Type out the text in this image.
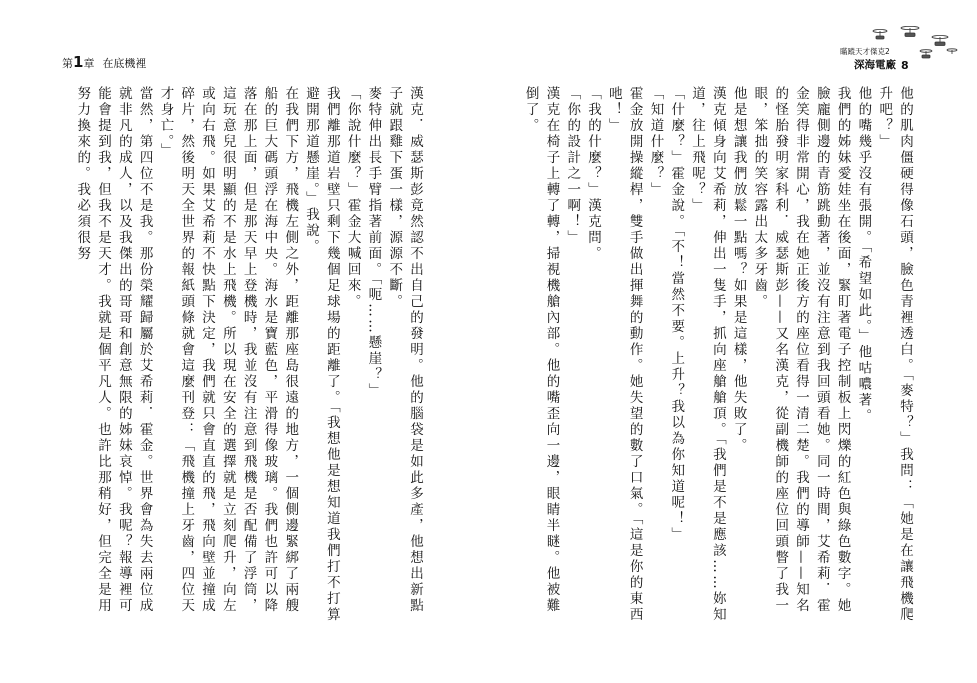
第1章 在底機裡
瞞蹤天才傑克2
深海電廠 8

他的肌肉僵硬得像石頭，臉色青裡透白。「麥特？」我問：「她是在讓飛機爬升吧？」

他的嘴幾乎沒有張開。「希望如此。」他咕噥著。

我們的姊妹愛娃坐在後面，緊盯著電子控制板上閃爍的紅色與綠色數字。她臉龐側邊的青筋跳動著，並沒有注意到我回頭看她。同一時間，艾希莉．霍金笑得非常開心，我在她正後方的座位看得一清二楚。我們的導師——知名的怪胎發明家科利．威瑟斯彭——又名漢克，從副機師的座位回頭瞥了我一眼，笨拙的笑容露出太多牙齒。

他是想讓我們放鬆一點嗎？如果是這樣，他失敗了。

漢克傾身向艾希莉，伸出一隻手，抓向座艙艙頂。「我們是不是應該……妳知道，往上飛呢？」

「什麼？」霍金說。「不！當然不要。上升？我以為你知道呢！」

「知道什麼？」

霍金放開操縱桿，雙手做出揮舞的動作。她失望的數了口氣。「這是你的東西吔！」

「我的什麼？」漢克問。

「你的設計之一啊！」

漢克在椅子上轉了轉，掃視機艙內部。他的嘴歪向一邊，眼睛半瞇。他被難倒了。

漢克．威瑟斯彭竟然認不出自己的發明。他的腦袋是如此多產，他想出新點子就跟雞下蛋一樣，源源不斷。

麥特伸出長手臂指著前面。「呃……懸崖？」

「你說什麼？」霍金大喊回來。

我們離那道岩壁只剩下幾個足球場的距離了。「我想他是想知道我們打不打算避開那道懸崖。」我說。

在我們下方，飛機左側之外，距離那座島很遠的地方，一個側邊緊綁了兩艘船的巨大碼頭浮在海中央。海水是寶藍色，平滑得像玻璃。我們也許可以降落在那上面，但是那天早上登機時，我並沒有注意到飛機是否配備了浮筒，這玩意兒很明顯的不是水上飛機。所以現在安全的選擇就是立刻爬升，向左或向右飛。如果艾希莉不快點下決定，我們就只會直直的飛，飛向壁並撞成碎片，然後明天全世界的報紙頭條就會這麼刊登：「飛機撞上牙齒，四位天才身亡。」

當然，第四位不是我。那份榮耀歸屬於艾希莉．霍金。世界會為失去兩位成就非凡的成人，以及我傑出的哥哥和創意無限的姊妹哀悼。我呢？報導裡可能會提到我，但我不是天才。我就是個平凡人。也許比那稍好，但完全是用努力換來的。我必須很努
